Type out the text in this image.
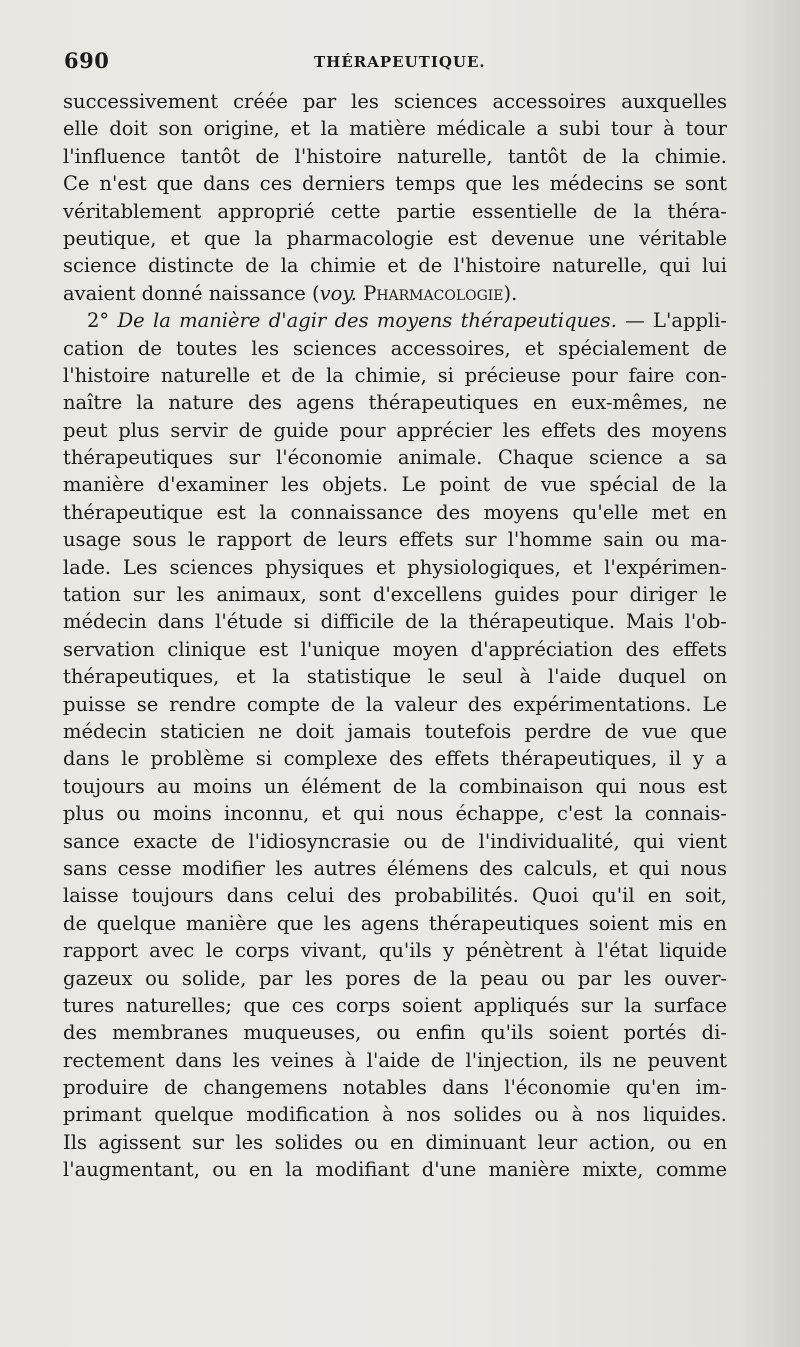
690	THÉRAPEUTIQUE.
successivement créée par les sciences accessoires auxquelles
elle doit son origine, et la matière médicale a subi tour à tour
l'influence tantôt de l'histoire naturelle, tantôt de la chimie.
Ce n'est que dans ces derniers temps que les médecins se sont
véritablement approprié cette partie essentielle de la théra-
peutique, et que la pharmacologie est devenue une véritable
science distincte de la chimie et de l'histoire naturelle, qui lui
avaient donné naissance (voy. Pharmacologie).
2° De la manière d'agir des moyens thérapeutiques. — L'appli-
cation de toutes les sciences accessoires, et spécialement de
l'histoire naturelle et de la chimie, si précieuse pour faire con-
naître la nature des agens thérapeutiques en eux-mêmes, ne
peut plus servir de guide pour apprécier les effets des moyens
thérapeutiques sur l'économie animale. Chaque science a sa
manière d'examiner les objets. Le point de vue spécial de la
thérapeutique est la connaissance des moyens qu'elle met en
usage sous le rapport de leurs effets sur l'homme sain ou ma-
lade. Les sciences physiques et physiologiques, et l'expérimen-
tation sur les animaux, sont d'excellens guides pour diriger le
médecin dans l'étude si difficile de la thérapeutique. Mais l'ob-
servation clinique est l'unique moyen d'appréciation des effets
thérapeutiques, et la statistique le seul à l'aide duquel on
puisse se rendre compte de la valeur des expérimentations. Le
médecin staticien ne doit jamais toutefois perdre de vue que
dans le problème si complexe des effets thérapeutiques, il y a
toujours au moins un élément de la combinaison qui nous est
plus ou moins inconnu, et qui nous échappe, c'est la connais-
sance exacte de l'idiosyncrasie ou de l'individualité, qui vient
sans cesse modifier les autres élémens des calculs, et qui nous
laisse toujours dans celui des probabilités. Quoi qu'il en soit,
de quelque manière que les agens thérapeutiques soient mis en
rapport avec le corps vivant, qu'ils y pénètrent à l'état liquide
gazeux ou solide, par les pores de la peau ou par les ouver-
tures naturelles; que ces corps soient appliqués sur la surface
des membranes muqueuses, ou enfin qu'ils soient portés di-
rectement dans les veines à l'aide de l'injection, ils ne peuvent
produire de changemens notables dans l'économie qu'en im-
primant quelque modification à nos solides ou à nos liquides.
Ils agissent sur les solides ou en diminuant leur action, ou en
l'augmentant, ou en la modifiant d'une manière mixte, comme
